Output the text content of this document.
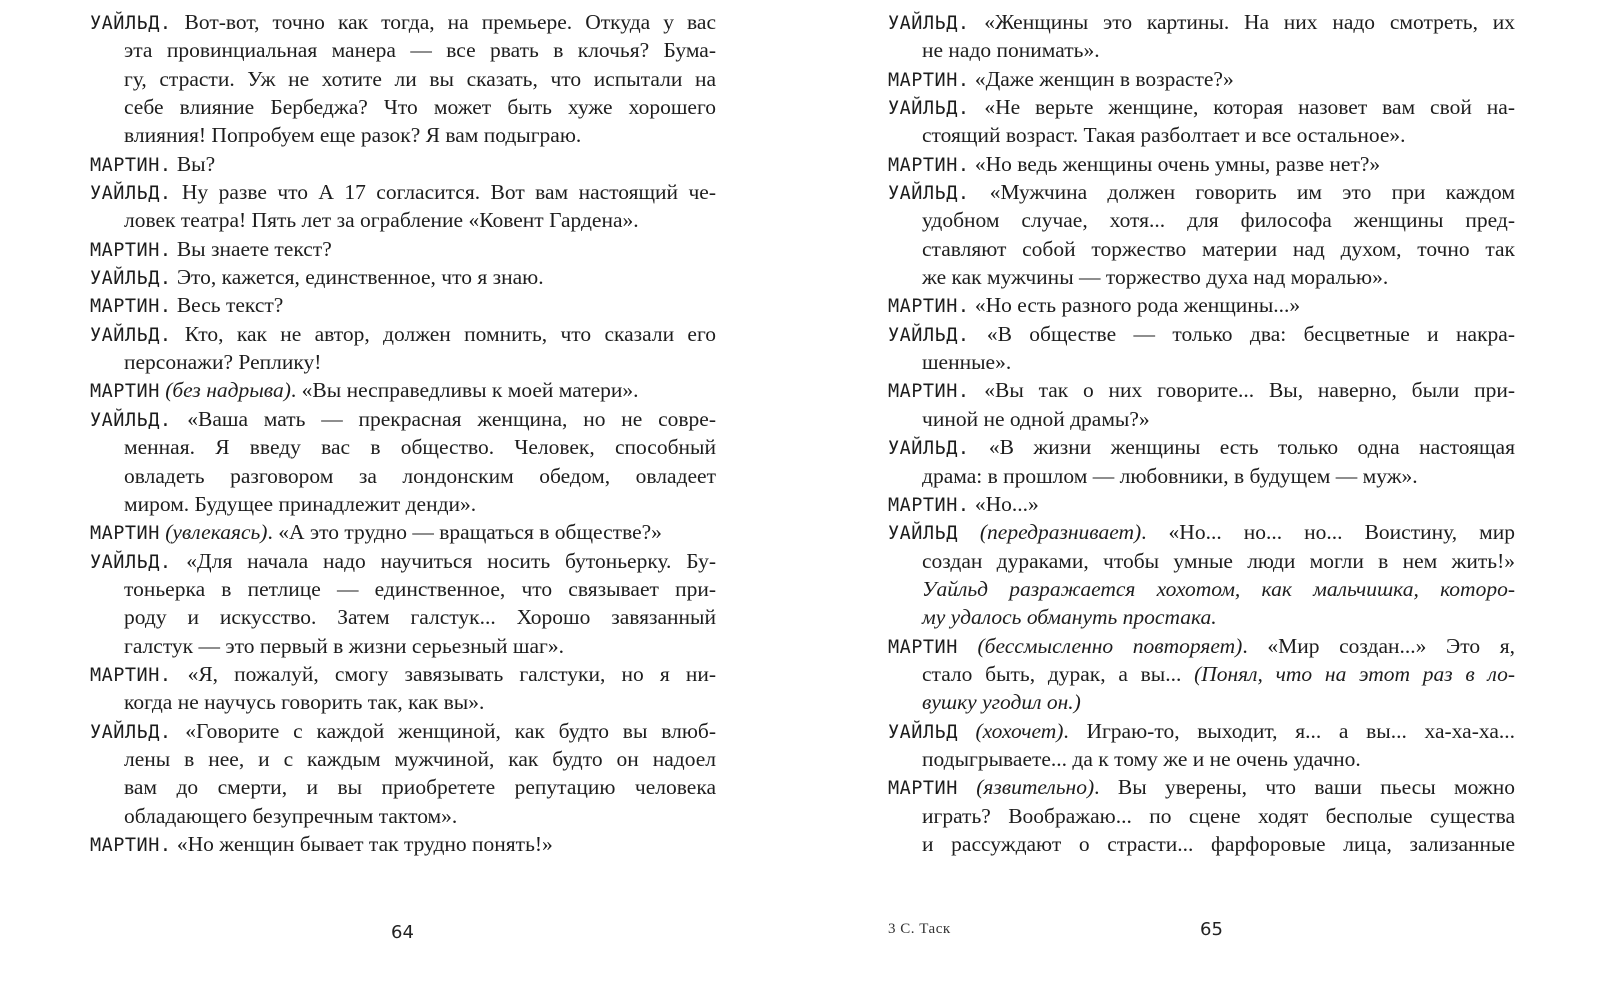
УАЙЛЬД. Вот-вот, точно как тогда, на премьере. Откуда у вас
эта провинциальная манера — все рвать в клочья? Бума-
гу, страсти. Уж не хотите ли вы сказать, что испытали на
себе влияние Бербеджа? Что может быть хуже хорошего
влияния! Попробуем еще разок? Я вам подыграю.
МАРТИН. Вы?
УАЙЛЬД. Ну разве что А 17 согласится. Вот вам настоящий че-
ловек театра! Пять лет за ограбление «Ковент Гардена».
МАРТИН. Вы знаете текст?
УАЙЛЬД. Это, кажется, единственное, что я знаю.
МАРТИН. Весь текст?
УАЙЛЬД. Кто, как не автор, должен помнить, что сказали его
персонажи? Реплику!
МАРТИН (без надрыва). «Вы несправедливы к моей матери».
УАЙЛЬД. «Ваша мать — прекрасная женщина, но не совре-
менная. Я введу вас в общество. Человек, способный
овладеть разговором за лондонским обедом, овладеет
миром. Будущее принадлежит денди».
МАРТИН (увлекаясь). «А это трудно — вращаться в обществе?»
УАЙЛЬД. «Для начала надо научиться носить бутоньерку. Бу-
тоньерка в петлице — единственное, что связывает при-
роду и искусство. Затем галстук... Хорошо завязанный
галстук — это первый в жизни серьезный шаг».
МАРТИН. «Я, пожалуй, смогу завязывать галстуки, но я ни-
когда не научусь говорить так, как вы».
УАЙЛЬД. «Говорите с каждой женщиной, как будто вы влюб-
лены в нее, и с каждым мужчиной, как будто он надоел
вам до смерти, и вы приобретете репутацию человека
обладающего безупречным тактом».
МАРТИН. «Но женщин бывает так трудно понять!»
УАЙЛЬД. «Женщины это картины. На них надо смотреть, их
не надо понимать».
МАРТИН. «Даже женщин в возрасте?»
УАЙЛЬД. «Не верьте женщине, которая назовет вам свой на-
стоящий возраст. Такая разболтает и все остальное».
МАРТИН. «Но ведь женщины очень умны, разве нет?»
УАЙЛЬД. «Мужчина должен говорить им это при каждом
удобном случае, хотя... для философа женщины пред-
ставляют собой торжество материи над духом, точно так
же как мужчины — торжество духа над моралью».
МАРТИН. «Но есть разного рода женщины...»
УАЙЛЬД. «В обществе — только два: бесцветные и накра-
шенные».
МАРТИН. «Вы так о них говорите... Вы, наверно, были при-
чиной не одной драмы?»
УАЙЛЬД. «В жизни женщины есть только одна настоящая
драма: в прошлом — любовники, в будущем — муж».
МАРТИН. «Но...»
УАЙЛЬД (передразнивает). «Но... но... но... Воистину, мир
создан дураками, чтобы умные люди могли в нем жить!»
Уайльд разражается хохотом, как мальчишка, которо-
му удалось обмануть простака.
МАРТИН (бессмысленно повторяет). «Мир создан...» Это я,
стало быть, дурак, а вы... (Понял, что на этот раз в ло-
вушку угодил он.)
УАЙЛЬД (хохочет). Играю-то, выходит, я... а вы... ха-ха-ха...
подыгрываете... да к тому же и не очень удачно.
МАРТИН (язвительно). Вы уверены, что ваши пьесы можно
играть? Воображаю... по сцене ходят бесполые существа
и рассуждают о страсти... фарфоровые лица, зализанные
64	3 С. Таск	65
